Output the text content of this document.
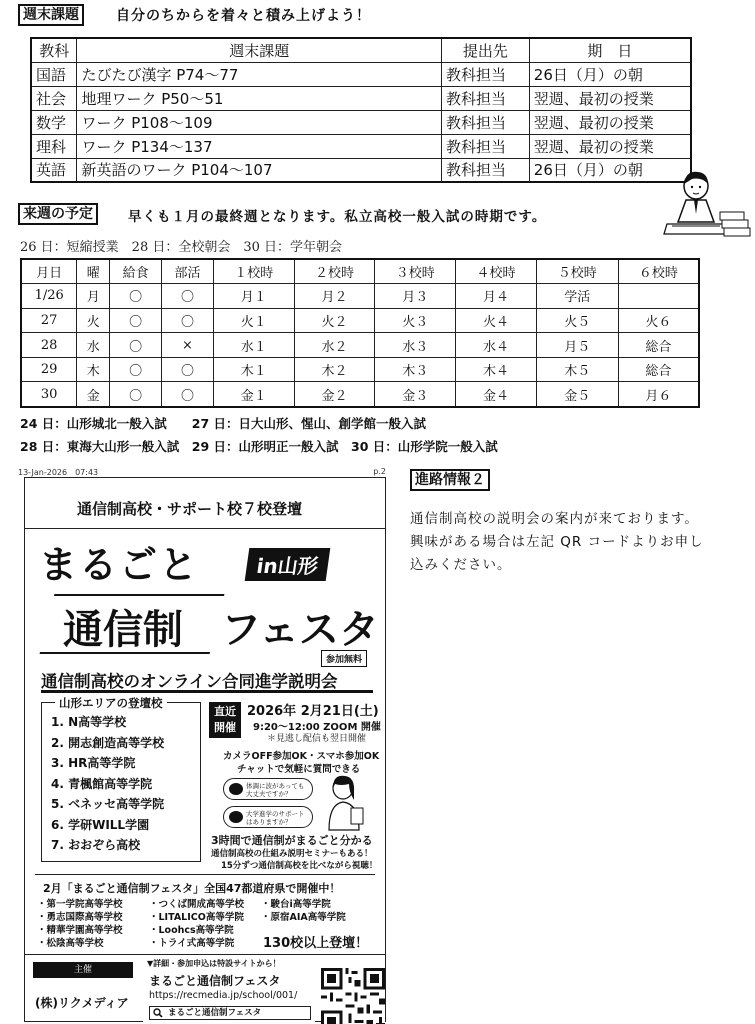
週末課題	自分のちからを着々と積み上げよう！
教科	週末課題	提出先	期　日
国語	たびたび漢字 P74～77	教科担当	26日（月）の朝
社会	地理ワーク P50～51	教科担当	翌週、最初の授業
数学	ワーク P108～109	教科担当	翌週、最初の授業
理科	ワーク P134～137	教科担当	翌週、最初の授業
英語	新英語のワーク P104～107	教科担当	26日（月）の朝
来週の予定	早くも１月の最終週となります。私立高校一般入試の時期です。
26 日：短縮授業　28 日：全校朝会　30 日：学年朝会
月日	曜	給食	部活	１校時	２校時	３校時	４校時	５校時	６校時
1/26	月	〇	〇	月１	月２	月３	月４	学活	
27	火	〇	〇	火１	火２	火３	火４	火５	火６
28	水	〇	×	水１	水２	水３	水４	月５	総合
29	木	〇	〇	木１	木２	木３	木４	木５	総合
30	金	〇	〇	金１	金２	金３	金４	金５	月６
24 日：山形城北一般入試　　27 日：日大山形、惺山、創学館一般入試
28 日：東海大山形一般入試　29 日：山形明正一般入試　30 日：山形学院一般入試
進路情報２
通信制高校の説明会の案内が来ております。興味がある場合は左記 QR コードよりお申し込みください。
13-Jan-2026　07:43	p.2
通信制高校・サポート校７校登壇
まるごと	in山形
通信制 フェスタ
参加無料
通信制高校のオンライン合同進学説明会
山形エリアの登壇校
1. N高等学校
2. 開志創造高等学校
3. HR高等学院
4. 青楓館高等学院
5. ベネッセ高等学院
6. 学研WILL学園
7. おおぞら高校
直近
開催
2026年 2月21日(土)
9:20～12:00 ZOOM 開催
＊見逃し配信も翌日開催
カメラOFF参加OK・スマホ参加OK
チャットで気軽に質問できる
体調に波があっても大丈夫ですか？
大学進学のサポートはありますか？
3時間で通信制がまるごと分かる
通信制高校の仕組み説明セミナーもある！
15分ずつ通信制高校を比べながら視聴！
2月「まるごと通信制フェスタ」全国47都道府県で開催中！
・第一学院高等学校
・勇志国際高等学校
・精華学園高等学校
・松陰高等学校
・つくば開成高等学校
・LITALICO高等学院
・Loohcs高等学院
・トライ式高等学院
・駿台i高等学院
・原宿AIA高等学院
130校以上登壇！
主催
(株)リクメディア
▼詳細・参加申込は特設サイトから！
まるごと通信制フェスタ
https://recmedia.jp/school/001/
まるごと通信制フェスタ
